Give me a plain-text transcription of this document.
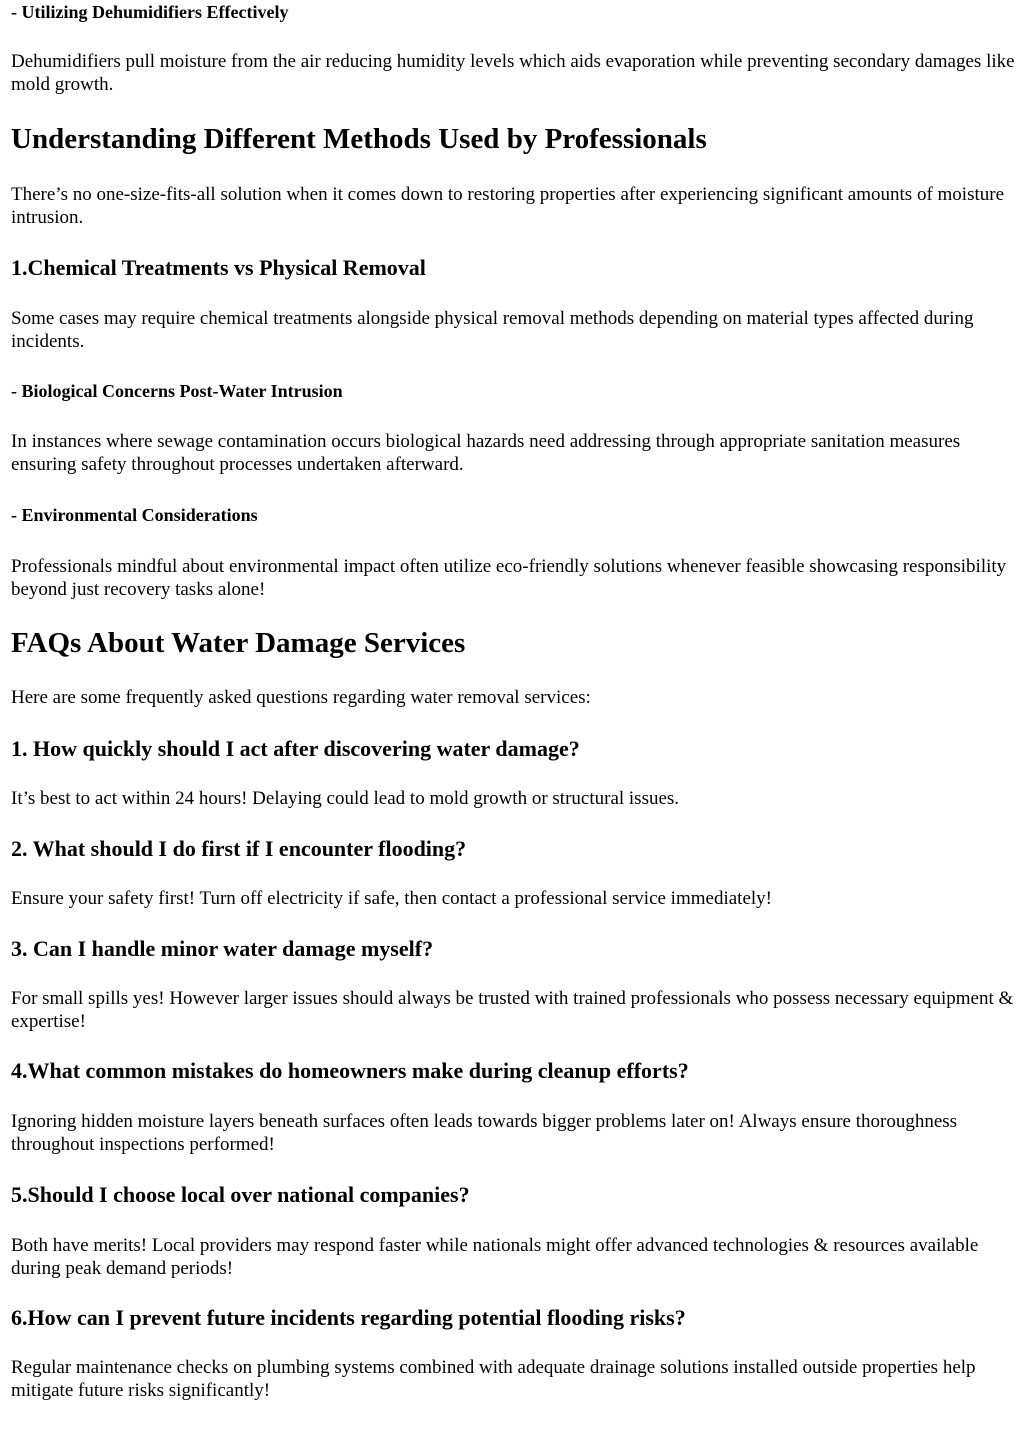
- Utilizing Dehumidifiers Effectively
Dehumidifiers pull moisture from the air reducing humidity levels which aids evaporation while preventing secondary damages like mold growth.
Understanding Different Methods Used by Professionals
There’s no one-size-fits-all solution when it comes down to restoring properties after experiencing significant amounts of moisture intrusion.
1.Chemical Treatments vs Physical Removal
Some cases may require chemical treatments alongside physical removal methods depending on material types affected during incidents.
- Biological Concerns Post-Water Intrusion
In instances where sewage contamination occurs biological hazards need addressing through appropriate sanitation measures ensuring safety throughout processes undertaken afterward.
- Environmental Considerations
Professionals mindful about environmental impact often utilize eco-friendly solutions whenever feasible showcasing responsibility beyond just recovery tasks alone!
FAQs About Water Damage Services
Here are some frequently asked questions regarding water removal services:
1. How quickly should I act after discovering water damage?
It’s best to act within 24 hours! Delaying could lead to mold growth or structural issues.
2. What should I do first if I encounter flooding?
Ensure your safety first! Turn off electricity if safe, then contact a professional service immediately!
3. Can I handle minor water damage myself?
For small spills yes! However larger issues should always be trusted with trained professionals who possess necessary equipment & expertise!
4.What common mistakes do homeowners make during cleanup efforts?
Ignoring hidden moisture layers beneath surfaces often leads towards bigger problems later on! Always ensure thoroughness throughout inspections performed!
5.Should I choose local over national companies?
Both have merits! Local providers may respond faster while nationals might offer advanced technologies & resources available during peak demand periods!
6.How can I prevent future incidents regarding potential flooding risks?
Regular maintenance checks on plumbing systems combined with adequate drainage solutions installed outside properties help mitigate future risks significantly!
